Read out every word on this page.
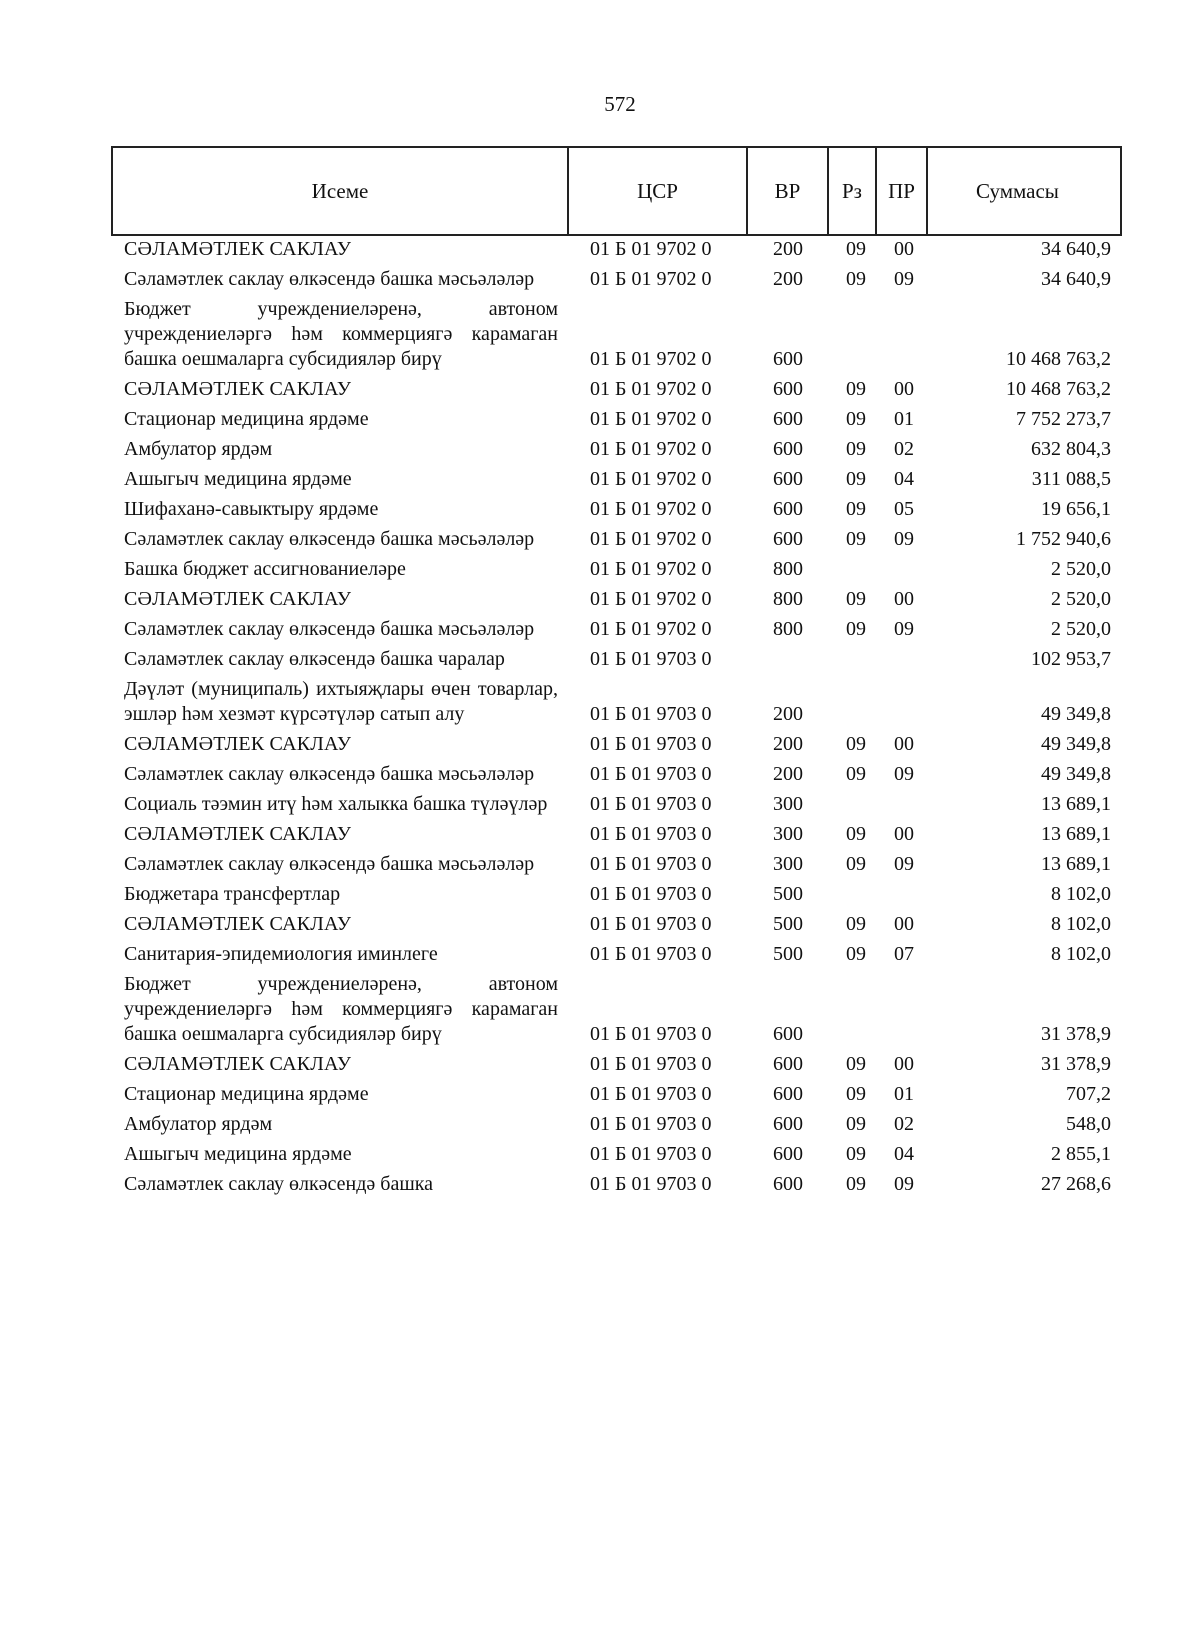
572
Исеме	ЦСР	ВР	Рз	ПР	Суммасы
СӘЛАМӘТЛЕК САКЛАУ	01 Б 01 9702 0	200	09	00	34 640,9
Сәламәтлек саклау өлкәсендә башка мәсьәләләр	01 Б 01 9702 0	200	09	09	34 640,9
Бюджет учреждениеләренә, автоном учреждениеләргә һәм коммерциягә карамаган башка оешмаларга субсидияләр бирү	01 Б 01 9702 0	600			10 468 763,2
СӘЛАМӘТЛЕК САКЛАУ	01 Б 01 9702 0	600	09	00	10 468 763,2
Стационар медицина ярдәме	01 Б 01 9702 0	600	09	01	7 752 273,7
Амбулатор ярдәм	01 Б 01 9702 0	600	09	02	632 804,3
Ашыгыч медицина ярдәме	01 Б 01 9702 0	600	09	04	311 088,5
Шифаханә-савыктыру ярдәме	01 Б 01 9702 0	600	09	05	19 656,1
Сәламәтлек саклау өлкәсендә башка мәсьәләләр	01 Б 01 9702 0	600	09	09	1 752 940,6
Башка бюджет ассигнованиеләре	01 Б 01 9702 0	800			2 520,0
СӘЛАМӘТЛЕК САКЛАУ	01 Б 01 9702 0	800	09	00	2 520,0
Сәламәтлек саклау өлкәсендә башка мәсьәләләр	01 Б 01 9702 0	800	09	09	2 520,0
Сәламәтлек саклау өлкәсендә башка чаралар	01 Б 01 9703 0				102 953,7
Дәүләт (муниципаль) ихтыяҗлары өчен товарлар, эшләр һәм хезмәт күрсәтүләр сатып алу	01 Б 01 9703 0	200			49 349,8
СӘЛАМӘТЛЕК САКЛАУ	01 Б 01 9703 0	200	09	00	49 349,8
Сәламәтлек саклау өлкәсендә башка мәсьәләләр	01 Б 01 9703 0	200	09	09	49 349,8
Социаль тәэмин итү һәм халыкка башка түләүләр	01 Б 01 9703 0	300			13 689,1
СӘЛАМӘТЛЕК САКЛАУ	01 Б 01 9703 0	300	09	00	13 689,1
Сәламәтлек саклау өлкәсендә башка мәсьәләләр	01 Б 01 9703 0	300	09	09	13 689,1
Бюджетара трансфертлар	01 Б 01 9703 0	500			8 102,0
СӘЛАМӘТЛЕК САКЛАУ	01 Б 01 9703 0	500	09	00	8 102,0
Санитария-эпидемиология иминлеге	01 Б 01 9703 0	500	09	07	8 102,0
Бюджет учреждениеләренә, автоном учреждениеләргә һәм коммерциягә карамаган башка оешмаларга субсидияләр бирү	01 Б 01 9703 0	600			31 378,9
СӘЛАМӘТЛЕК САКЛАУ	01 Б 01 9703 0	600	09	00	31 378,9
Стационар медицина ярдәме	01 Б 01 9703 0	600	09	01	707,2
Амбулатор ярдәм	01 Б 01 9703 0	600	09	02	548,0
Ашыгыч медицина ярдәме	01 Б 01 9703 0	600	09	04	2 855,1
Сәламәтлек саклау өлкәсендә башка	01 Б 01 9703 0	600	09	09	27 268,6
